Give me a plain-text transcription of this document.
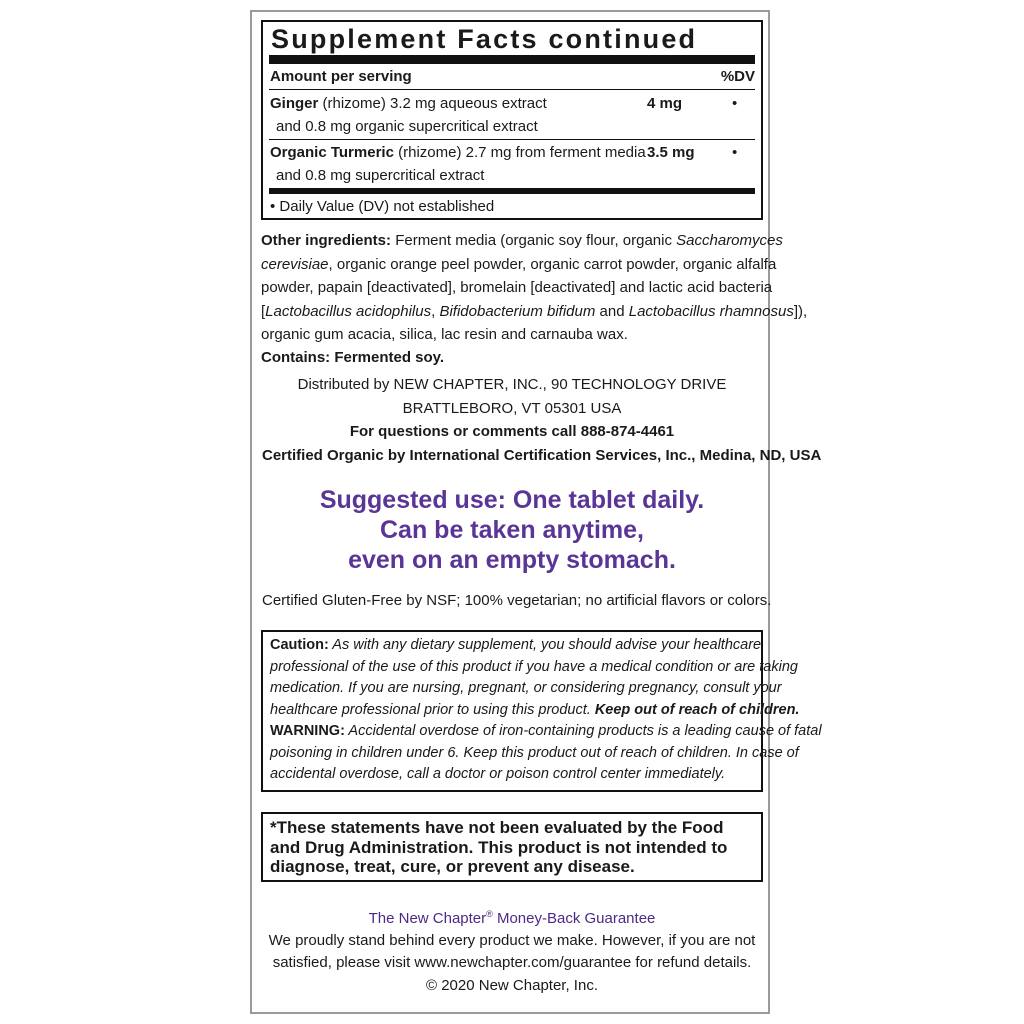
Supplement Facts continued
Amount per serving	%DV
Ginger (rhizome) 3.2 mg aqueous extract	4 mg	•
and 0.8 mg organic supercritical extract
Organic Turmeric (rhizome) 2.7 mg from ferment media 3.5 mg •
and 0.8 mg supercritical extract
• Daily Value (DV) not established
Other ingredients: Ferment media (organic soy flour, organic Saccharomyces
cerevisiae, organic orange peel powder, organic carrot powder, organic alfalfa
powder, papain [deactivated], bromelain [deactivated] and lactic acid bacteria
[Lactobacillus acidophilus, Bifidobacterium bifidum and Lactobacillus rhamnosus]),
organic gum acacia, silica, lac resin and carnauba wax.
Contains: Fermented soy.
Distributed by NEW CHAPTER, INC., 90 TECHNOLOGY DRIVE
BRATTLEBORO, VT 05301 USA
For questions or comments call 888-874-4461
Certified Organic by International Certification Services, Inc., Medina, ND, USA
Suggested use: One tablet daily.
Can be taken anytime,
even on an empty stomach.
Certified Gluten-Free by NSF; 100% vegetarian; no artificial flavors or colors.
Caution: As with any dietary supplement, you should advise your healthcare
professional of the use of this product if you have a medical condition or are taking
medication. If you are nursing, pregnant, or considering pregnancy, consult your
healthcare professional prior to using this product. Keep out of reach of children.
WARNING: Accidental overdose of iron-containing products is a leading cause of fatal
poisoning in children under 6. Keep this product out of reach of children. In case of
accidental overdose, call a doctor or poison control center immediately.
*These statements have not been evaluated by the Food
and Drug Administration. This product is not intended to
diagnose, treat, cure, or prevent any disease.
The New Chapter® Money-Back Guarantee
We proudly stand behind every product we make. However, if you are not
satisfied, please visit www.newchapter.com/guarantee for refund details.
© 2020 New Chapter, Inc.
